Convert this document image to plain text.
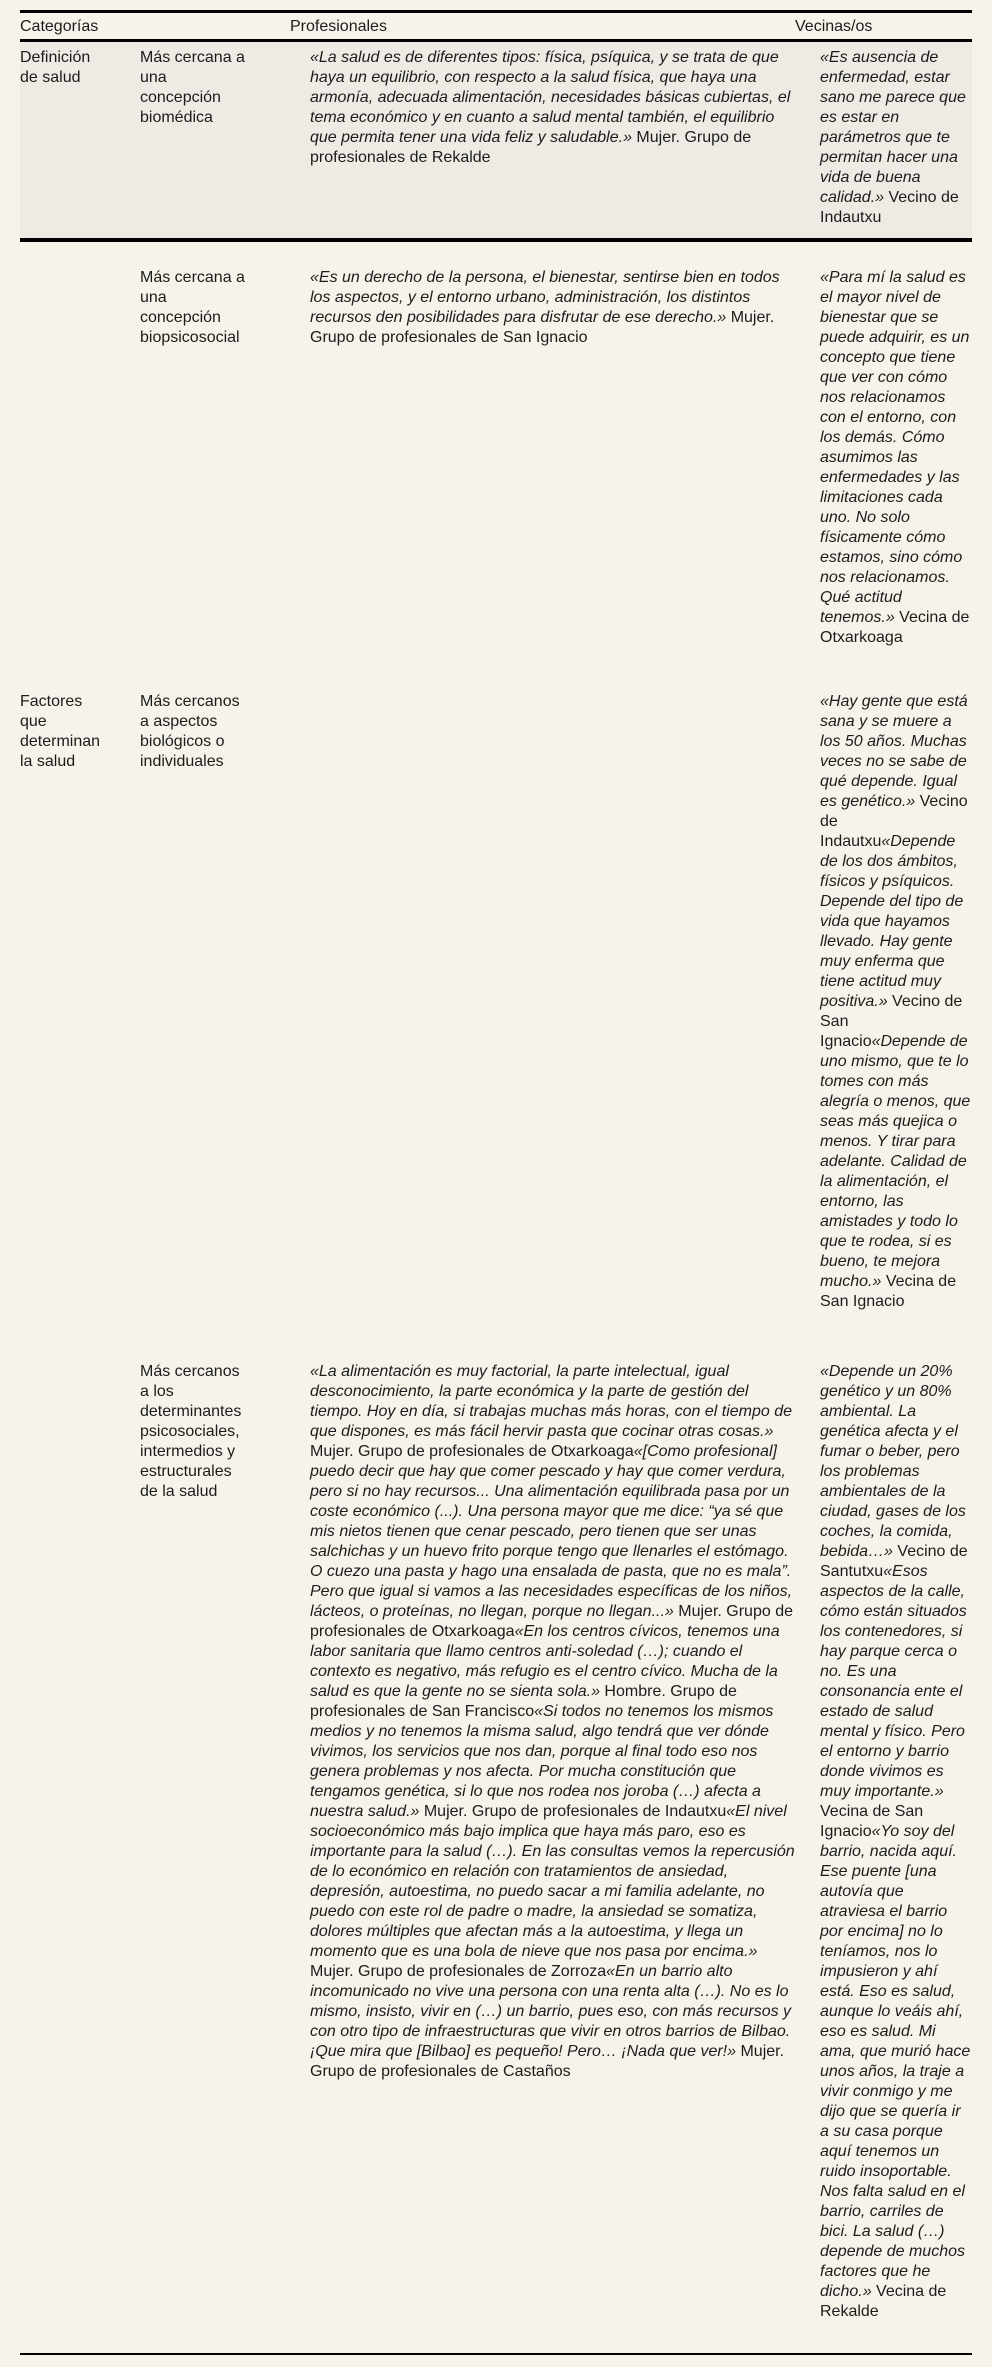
Categorías	Profesionales	Vecinas/os
Definición de salud
Más cercana a una concepción biomédica
«La salud es de diferentes tipos: física, psíquica, y se trata de que haya un equilibrio, con respecto a la salud física, que haya una armonía, adecuada alimentación, necesidades básicas cubiertas, el tema económico y en cuanto a salud mental también, el equilibrio que permita tener una vida feliz y saludable.» Mujer. Grupo de profesionales de Rekalde
«Es ausencia de enfermedad, estar sano me parece que es estar en parámetros que te permitan hacer una vida de buena calidad.» Vecino de Indautxu
Más cercana a una concepción biopsicosocial
«Es un derecho de la persona, el bienestar, sentirse bien en todos los aspectos, y el entorno urbano, administración, los distintos recursos den posibilidades para disfrutar de ese derecho.» Mujer. Grupo de profesionales de San Ignacio
«Para mí la salud es el mayor nivel de bienestar que se puede adquirir, es un concepto que tiene que ver con cómo nos relacionamos con el entorno, con los demás. Cómo asumimos las enfermedades y las limitaciones cada uno. No solo físicamente cómo estamos, sino cómo nos relacionamos. Qué actitud tenemos.» Vecina de Otxarkoaga
Factores que determinan la salud
Más cercanos a aspectos biológicos o individuales
«Hay gente que está sana y se muere a los 50 años. Muchas veces no se sabe de qué depende. Igual es genético.» Vecino de Indautxu«Depende de los dos ámbitos, físicos y psíquicos. Depende del tipo de vida que hayamos llevado. Hay gente muy enferma que tiene actitud muy positiva.» Vecino de San Ignacio«Depende de uno mismo, que te lo tomes con más alegría o menos, que seas más quejica o menos. Y tirar para adelante. Calidad de la alimentación, el entorno, las amistades y todo lo que te rodea, si es bueno, te mejora mucho.» Vecina de San Ignacio
Más cercanos a los determinantes psicosociales, intermedios y estructurales de la salud
«La alimentación es muy factorial, la parte intelectual, igual desconocimiento, la parte económica y la parte de gestión del tiempo. Hoy en día, si trabajas muchas más horas, con el tiempo de que dispones, es más fácil hervir pasta que cocinar otras cosas.» Mujer. Grupo de profesionales de Otxarkoaga«[Como profesional] puedo decir que hay que comer pescado y hay que comer verdura, pero si no hay recursos... Una alimentación equilibrada pasa por un coste económico (...). Una persona mayor que me dice: “ya sé que mis nietos tienen que cenar pescado, pero tienen que ser unas salchichas y un huevo frito porque tengo que llenarles el estómago. O cuezo una pasta y hago una ensalada de pasta, que no es mala”. Pero que igual si vamos a las necesidades específicas de los niños, lácteos, o proteínas, no llegan, porque no llegan...» Mujer. Grupo de profesionales de Otxarkoaga«En los centros cívicos, tenemos una labor sanitaria que llamo centros anti-soledad (…); cuando el contexto es negativo, más refugio es el centro cívico. Mucha de la salud es que la gente no se sienta sola.» Hombre. Grupo de profesionales de San Francisco«Si todos no tenemos los mismos medios y no tenemos la misma salud, algo tendrá que ver dónde vivimos, los servicios que nos dan, porque al final todo eso nos genera problemas y nos afecta. Por mucha constitución que tengamos genética, si lo que nos rodea nos joroba (…) afecta a nuestra salud.» Mujer. Grupo de profesionales de Indautxu«El nivel socioeconómico más bajo implica que haya más paro, eso es importante para la salud (…). En las consultas vemos la repercusión de lo económico en relación con tratamientos de ansiedad, depresión, autoestima, no puedo sacar a mi familia adelante, no puedo con este rol de padre o madre, la ansiedad se somatiza, dolores múltiples que afectan más a la autoestima, y llega un momento que es una bola de nieve que nos pasa por encima.» Mujer. Grupo de profesionales de Zorroza«En un barrio alto incomunicado no vive una persona con una renta alta (…). No es lo mismo, insisto, vivir en (…) un barrio, pues eso, con más recursos y con otro tipo de infraestructuras que vivir en otros barrios de Bilbao. ¡Que mira que [Bilbao] es pequeño! Pero… ¡Nada que ver!» Mujer. Grupo de profesionales de Castaños
«Depende un 20% genético y un 80% ambiental. La genética afecta y el fumar o beber, pero los problemas ambientales de la ciudad, gases de los coches, la comida, bebida…» Vecino de Santutxu«Esos aspectos de la calle, cómo están situados los contenedores, si hay parque cerca o no. Es una consonancia ente el estado de salud mental y físico. Pero el entorno y barrio donde vivimos es muy importante.» Vecina de San Ignacio«Yo soy del barrio, nacida aquí. Ese puente [una autovía que atraviesa el barrio por encima] no lo teníamos, nos lo impusieron y ahí está. Eso es salud, aunque lo veáis ahí, eso es salud. Mi ama, que murió hace unos años, la traje a vivir conmigo y me dijo que se quería ir a su casa porque aquí tenemos un ruido insoportable. Nos falta salud en el barrio, carriles de bici. La salud (…) depende de muchos factores que he dicho.» Vecina de Rekalde
